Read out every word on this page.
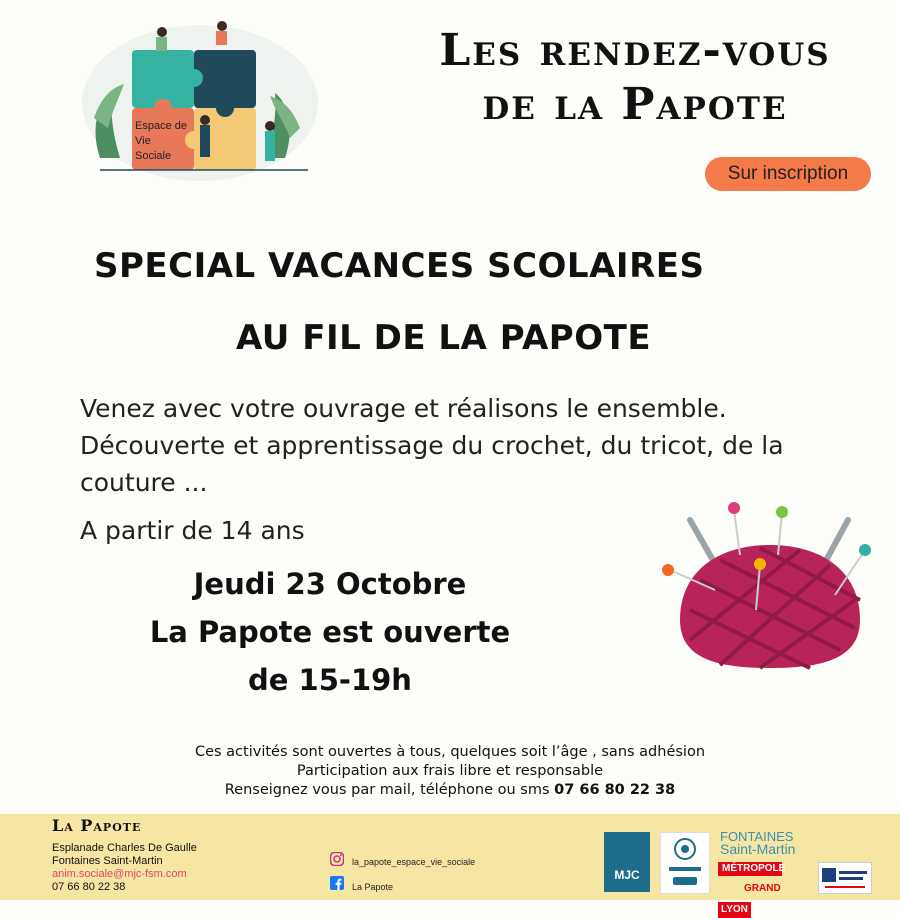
Espace de Vie Sociale
Les rendez-vous
de la Papote
Sur inscription
SPECIAL VACANCES SCOLAIRES
AU FIL DE LA PAPOTE
Venez avec votre ouvrage et réalisons le ensemble. Découverte et apprentissage du crochet, du tricot, de la couture ...
A partir de 14 ans
Jeudi 23 Octobre
La Papote est ouverte
de 15-19h
Ces activités sont ouvertes à tous, quelques soit l’âge , sans adhésion
Participation aux frais libre et responsable
Renseignez vous par mail, téléphone ou sms 07 66 80 22 38
La Papote
Esplanade Charles De Gaulle
Fontaines Saint-Martin
anim.sociale@mjc-fsm.com
07 66 80 22 38
la_papote_espace_vie_sociale
La Papote
MJC
FONTAINES
Saint-Martin
MÉTROPOLE
GRAND LYON
